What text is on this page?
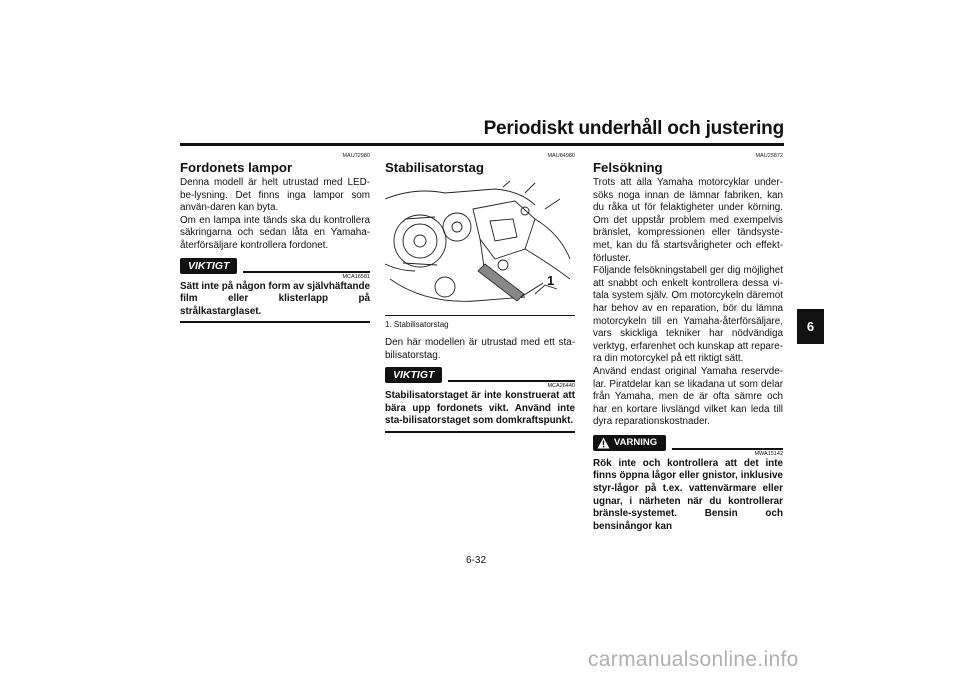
Periodiskt underhåll och justering
MAU72980
Fordonets lampor

Denna modell är helt utrustad med LED-be-lysning. Det finns inga lampor som använ-daren kan byta.

Om en lampa inte tänds ska du kontrollera säkringarna och sedan låta en Yamaha-återförsäljare kontrollera fordonet.

VIKTIGT
MCA16581
Sätt inte på någon form av självhäftande film eller klisterlapp på strålkastarglaset.
MAU84980
Stabilisatorstag
1
1. Stabilisatorstag

Den här modellen är utrustad med ett sta-bilisatorstag.

VIKTIGT
MCA26440
Stabilisatorstaget är inte konstruerat att bära upp fordonets vikt. Använd inte sta-bilisatorstaget som domkraftspunkt.
MAU25872
Felsökning

Trots att alla Yamaha motorcyklar under-söks noga innan de lämnar fabriken, kan du råka ut för felaktigheter under körning. Om det uppstår problem med exempelvis bränslet, kompressionen eller tändsyste-met, kan du få startsvårigheter och effekt-förluster.

Följande felsökningstabell ger dig möjlighet att snabbt och enkelt kontrollera dessa vi-tala system själv. Om motorcykeln däremot har behov av en reparation, bör du lämna motorcykeln till en Yamaha-återförsäljare, vars skickliga tekniker har nödvändiga verktyg, erfarenhet och kunskap att repare-ra din motorcykel på ett riktigt sätt.

Använd endast original Yamaha reservde-lar. Piratdelar kan se likadana ut som delar från Yamaha, men de är ofta sämre och har en kortare livslängd vilket kan leda till dyra reparationskostnader.

VARNING
MWA15142
Rök inte och kontrollera att det inte finns öppna lågor eller gnistor, inklusive styr-lågor på t.ex. vattenvärmare eller ugnar, i närheten när du kontrollerar bränsle-systemet. Bensin och bensinångor kan
6
6-32
carmanualsonline.info
